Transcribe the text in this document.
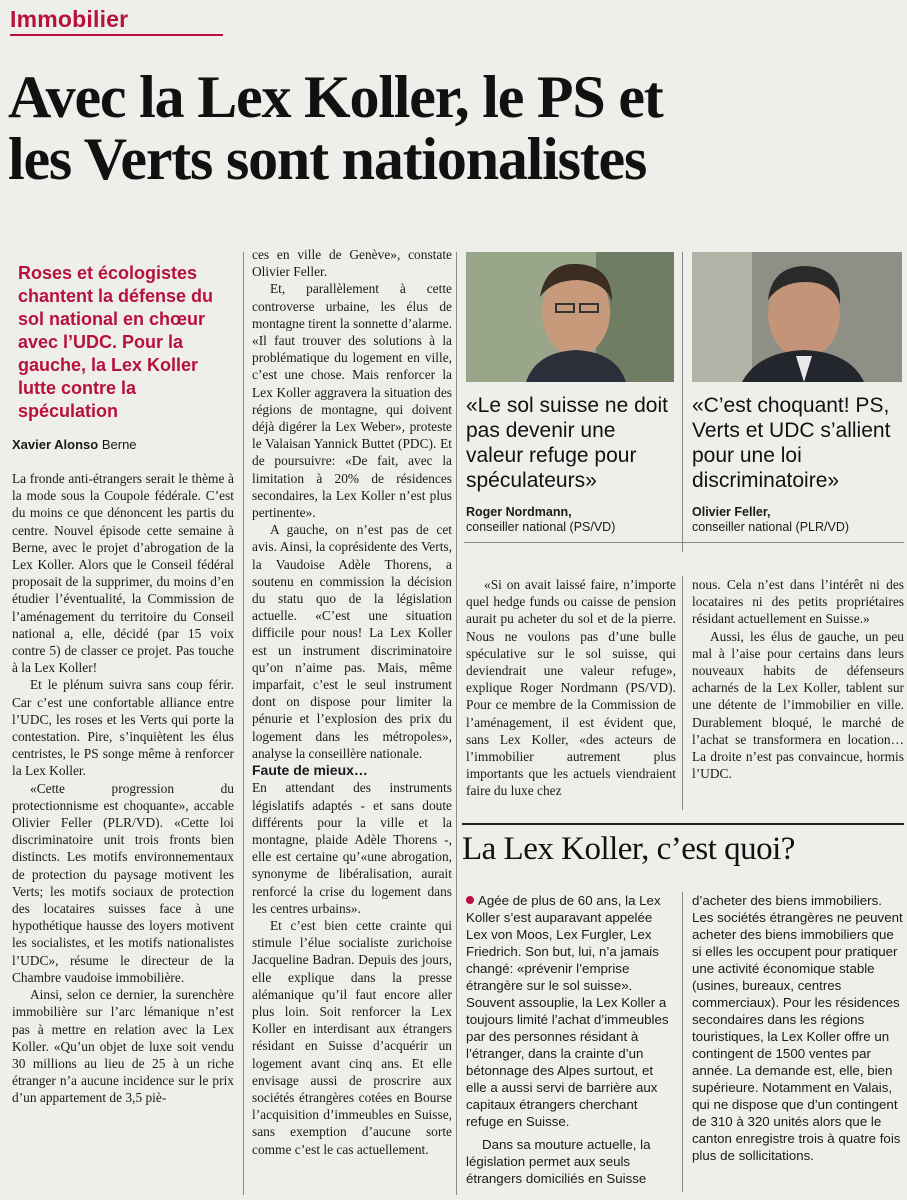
Immobilier
Avec la Lex Koller, le PS et
les Verts sont nationalistes
Roses et écologistes chantent la défense du sol national en chœur avec l’UDC. Pour la gauche, la Lex Koller lutte contre la spéculation
Xavier Alonso Berne

La fronde anti-étrangers serait le thème à la mode sous la Coupole fédérale. C’est du moins ce que dénoncent les partis du centre. Nouvel épisode cette semaine à Berne, avec le projet d’abrogation de la Lex Koller. Alors que le Conseil fédéral proposait de la supprimer, du moins d’en étudier l’éventualité, la Commission de l’aménagement du territoire du Conseil national a, elle, décidé (par 15 voix contre 5) de classer ce projet. Pas touche à la Lex Koller!

Et le plénum suivra sans coup férir. Car c’est une confortable alliance entre l’UDC, les roses et les Verts qui porte la contestation. Pire, s’inquiètent les élus centristes, le PS songe même à renforcer la Lex Koller.

«Cette progression du protectionnisme est choquante», accable Olivier Feller (PLR/VD). «Cette loi discriminatoire unit trois fronts bien distincts. Les motifs environnementaux de protection du paysage motivent les Verts; les motifs sociaux de protection des locataires suisses face à une hypothétique hausse des loyers motivent les socialistes, et les motifs nationalistes l’UDC», résume le directeur de la Chambre vaudoise immobilière.

Ainsi, selon ce dernier, la surenchère immobilière sur l’arc lémanique n’est pas à mettre en relation avec la Lex Koller. «Qu’un objet de luxe soit vendu 30 millions au lieu de 25 à un riche étranger n’a aucune incidence sur le prix d’un appartement de 3,5 piè-

ces en ville de Genève», constate Olivier Feller.

Et, parallèlement à cette controverse urbaine, les élus de montagne tirent la sonnette d’alarme. «Il faut trouver des solutions à la problématique du logement en ville, c’est une chose. Mais renforcer la Lex Koller aggravera la situation des régions de montagne, qui doivent déjà digérer la Lex Weber», proteste le Valaisan Yannick Buttet (PDC). Et de poursuivre: «De fait, avec la limitation à 20% de résidences secondaires, la Lex Koller n’est plus pertinente».

A gauche, on n’est pas de cet avis. Ainsi, la coprésidente des Verts, la Vaudoise Adèle Thorens, a soutenu en commission la décision du statu quo de la législation actuelle. «C’est une situation difficile pour nous! La Lex Koller est un instrument discriminatoire qu’on n’aime pas. Mais, même imparfait, c’est le seul instrument dont on dispose pour limiter la pénurie et l’explosion des prix du logement dans les métropoles», analyse la conseillère nationale.

Faute de mieux…

En attendant des instruments législatifs adaptés - et sans doute différents pour la ville et la montagne, plaide Adèle Thorens -, elle est certaine qu’«une abrogation, synonyme de libéralisation, aurait renforcé la crise du logement dans les centres urbains».

Et c’est bien cette crainte qui stimule l’élue socialiste zurichoise Jacqueline Badran. Depuis des jours, elle explique dans la presse alémanique qu’il faut encore aller plus loin. Soit renforcer la Lex Koller en interdisant aux étrangers résidant en Suisse d’acquérir un logement avant cinq ans. Et elle envisage aussi de proscrire aux sociétés étrangères cotées en Bourse l’acquisition d’immeubles en Suisse, sans exemption d’aucune sorte comme c’est le cas actuellement.

«Le sol suisse ne doit pas devenir une valeur refuge pour spéculateurs»
Roger Nordmann,
conseiller national (PS/VD)
«C’est choquant! PS, Verts et UDC s’allient pour une loi discriminatoire»
Olivier Feller,
conseiller national (PLR/VD)

«Si on avait laissé faire, n’importe quel hedge funds ou caisse de pension aurait pu acheter du sol et de la pierre. Nous ne voulons pas d’une bulle spéculative sur le sol suisse, qui deviendrait une valeur refuge», explique Roger Nordmann (PS/VD). Pour ce membre de la Commission de l’aménagement, il est évident que, sans Lex Koller, «des acteurs de l’immobilier autrement plus importants que les actuels viendraient faire du luxe chez

nous. Cela n’est dans l’intérêt ni des locataires ni des petits propriétaires résidant actuellement en Suisse.»

Aussi, les élus de gauche, un peu mal à l’aise pour certains dans leurs nouveaux habits de défenseurs acharnés de la Lex Koller, tablent sur une détente de l’immobilier en ville. Durablement bloqué, le marché de l’achat se transformera en location… La droite n’est pas convaincue, hormis l’UDC.

La Lex Koller, c’est quoi?

Agée de plus de 60 ans, la Lex Koller s’est auparavant appelée Lex von Moos, Lex Furgler, Lex Friedrich. Son but, lui, n’a jamais changé: «prévenir l’emprise étrangère sur le sol suisse». Souvent assouplie, la Lex Koller a toujours limité l’achat d’immeubles par des personnes résidant à l’étranger, dans la crainte d’un bétonnage des Alpes surtout, et elle a aussi servi de barrière aux capitaux étrangers cherchant refuge en Suisse.

Dans sa mouture actuelle, la législation permet aux seuls étrangers domiciliés en Suisse

d’acheter des biens immobiliers. Les sociétés étrangères ne peuvent acheter des biens immobiliers que si elles les occupent pour pratiquer une activité économique stable (usines, bureaux, centres commerciaux). Pour les résidences secondaires dans les régions touristiques, la Lex Koller offre un contingent de 1500 ventes par année. La demande est, elle, bien supérieure. Notamment en Valais, qui ne dispose que d’un contingent de 310 à 320 unités alors que le canton enregistre trois à quatre fois plus de sollicitations.
